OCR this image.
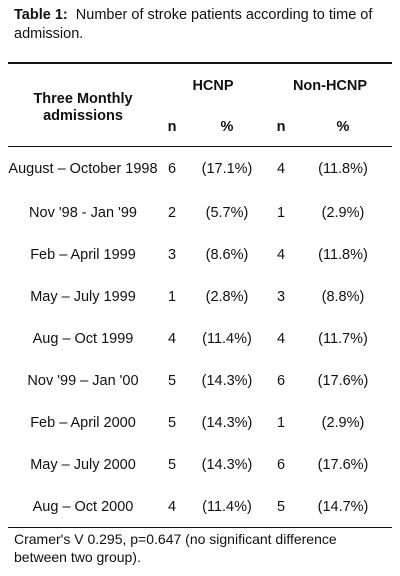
Table 1: Number of stroke patients according to time of admission.
Three Monthly admissions	HCNP		Non-HCNP	
	n	%	n	%
August – October 1998	6	(17.1%)	4	(11.8%)
Nov '98 - Jan '99	2	(5.7%)	1	(2.9%)
Feb – April 1999	3	(8.6%)	4	(11.8%)
May – July 1999	1	(2.8%)	3	(8.8%)
Aug – Oct 1999	4	(11.4%)	4	(11.7%)
Nov '99 – Jan '00	5	(14.3%)	6	(17.6%)
Feb – April 2000	5	(14.3%)	1	(2.9%)
May – July 2000	5	(14.3%)	6	(17.6%)
Aug – Oct 2000	4	(11.4%)	5	(14.7%)
Cramer's V 0.295, p=0.647 (no significant difference between two group).
